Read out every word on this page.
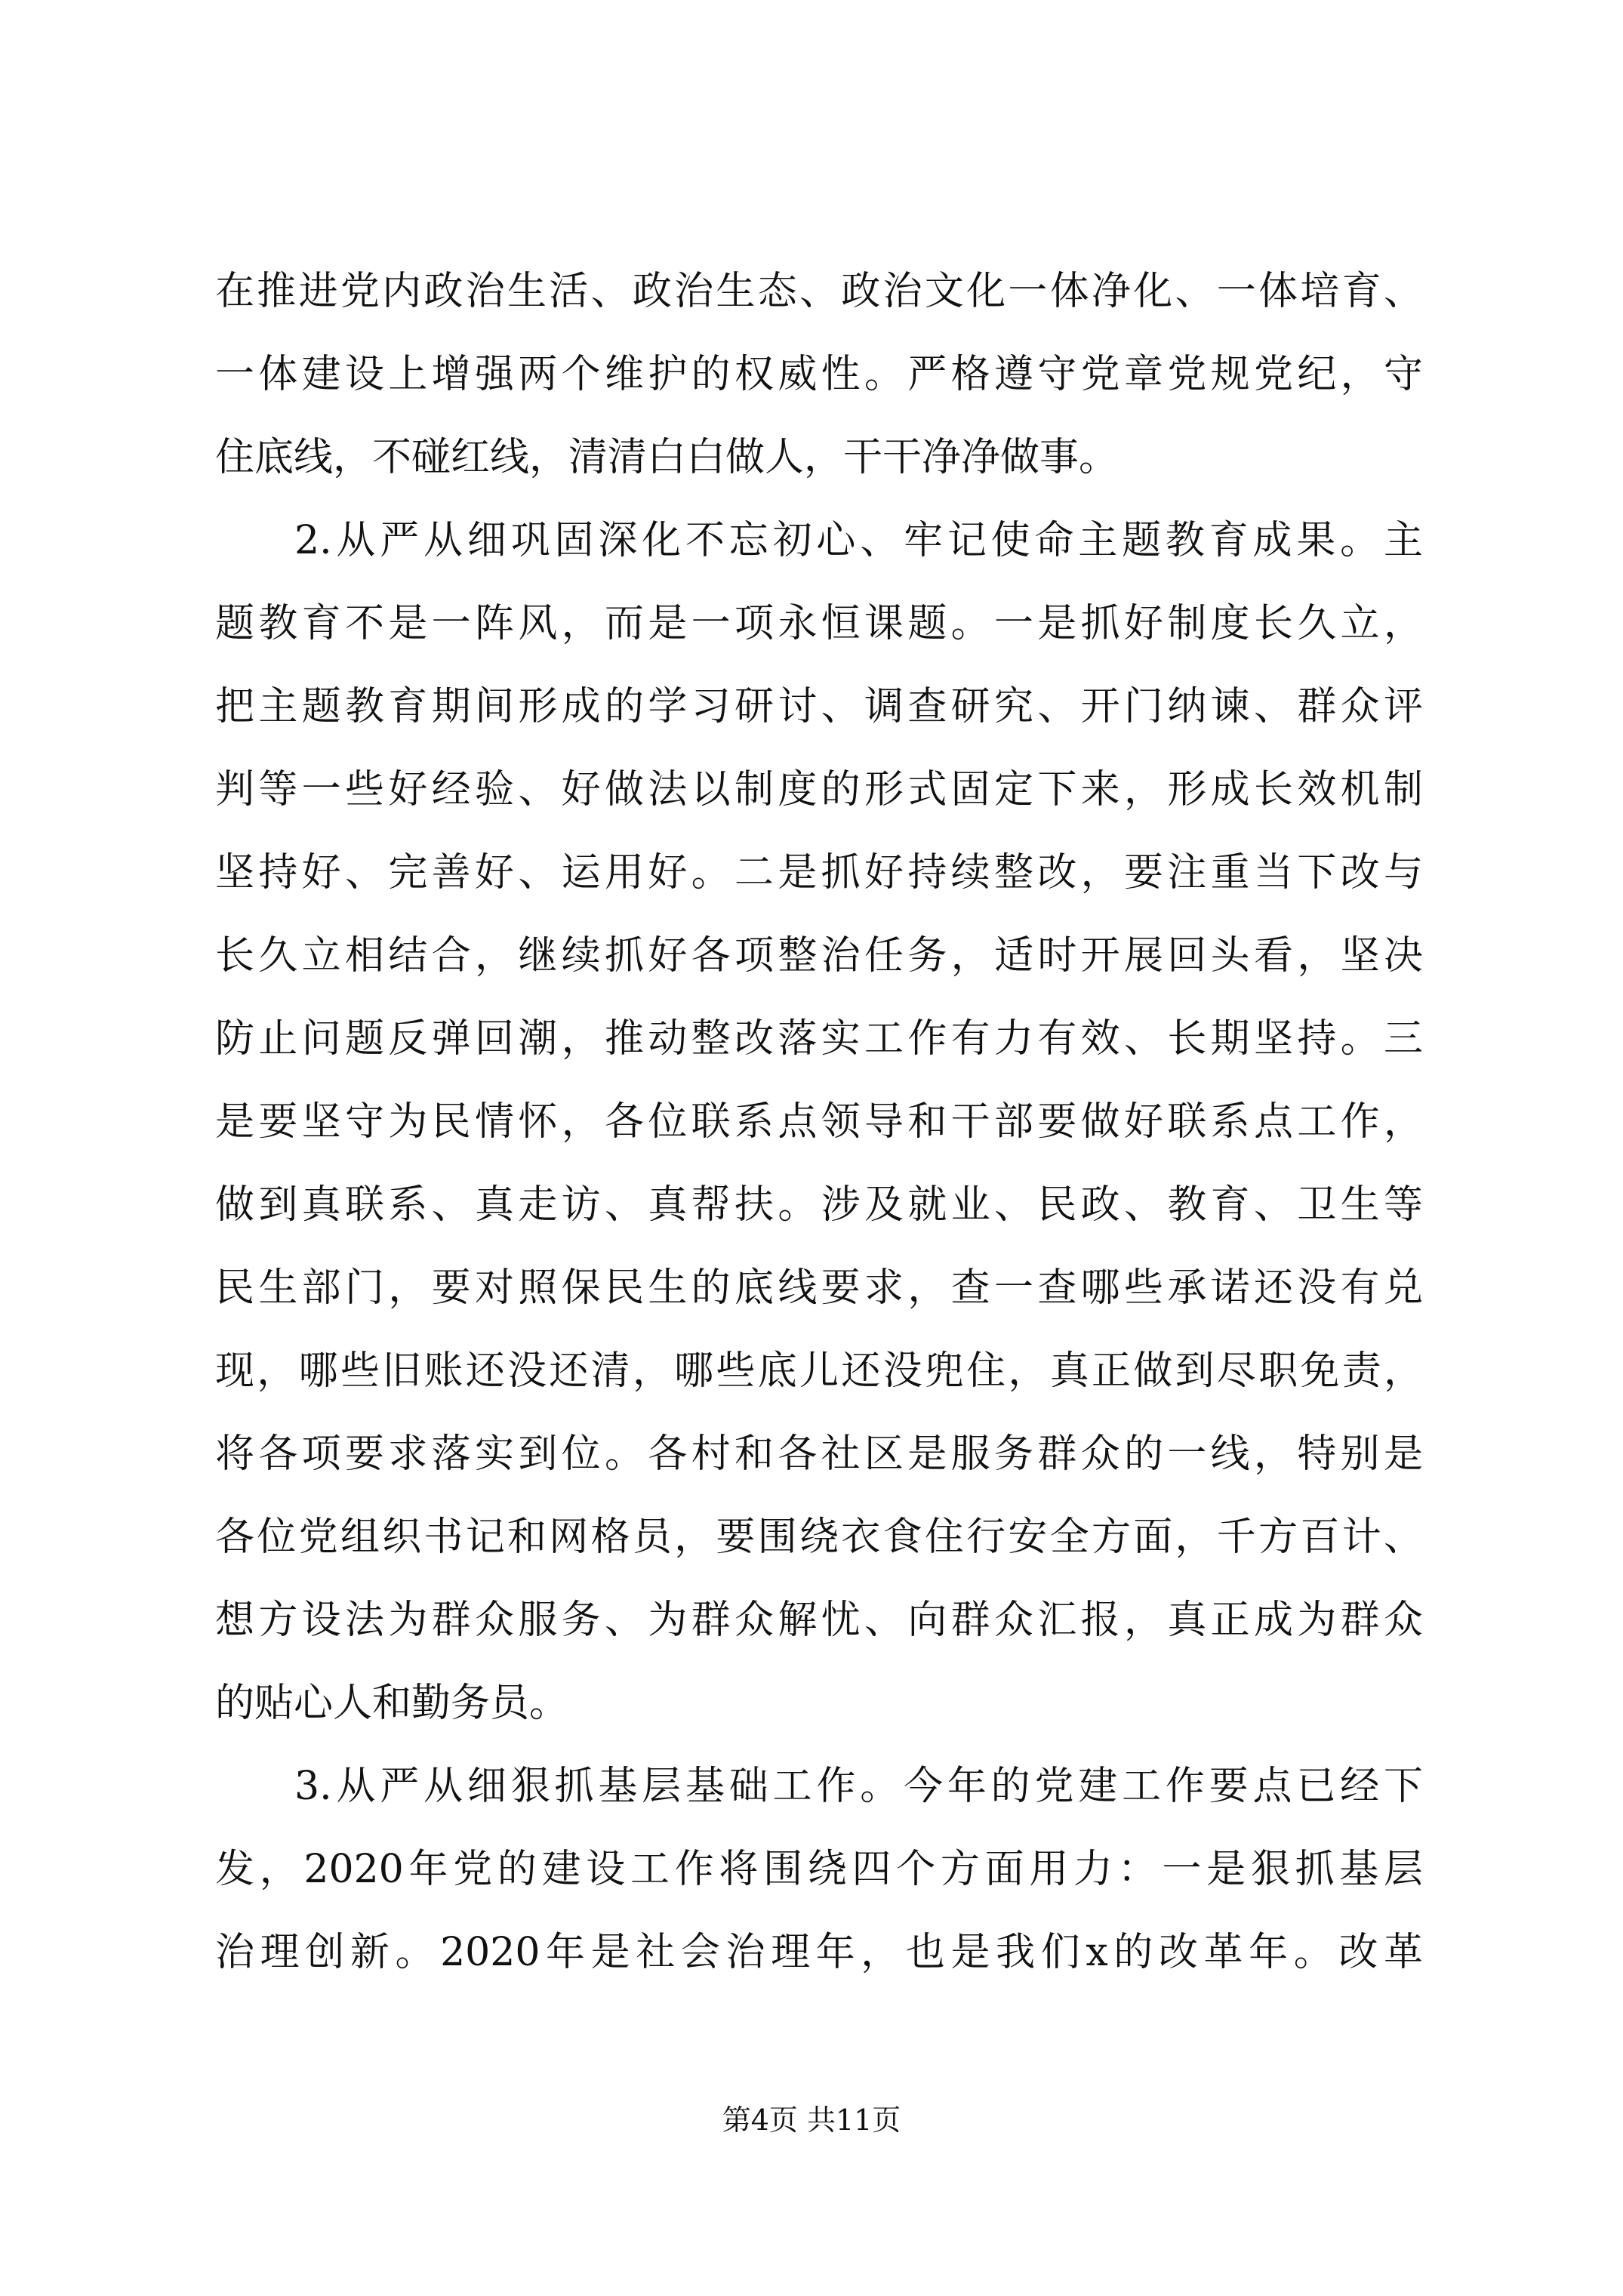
在推进党内政治生活、政治生态、政治文化一体净化、一体培育、
一体建设上增强两个维护的权威性。严格遵守党章党规党纪，守
住底线，不碰红线，清清白白做人，干干净净做事。
2.从严从细巩固深化不忘初心、牢记使命主题教育成果。主
题教育不是一阵风，而是一项永恒课题。一是抓好制度长久立，
把主题教育期间形成的学习研讨、调查研究、开门纳谏、群众评
判等一些好经验、好做法以制度的形式固定下来，形成长效机制
坚持好、完善好、运用好。二是抓好持续整改，要注重当下改与
长久立相结合，继续抓好各项整治任务，适时开展回头看，坚决
防止问题反弹回潮，推动整改落实工作有力有效、长期坚持。三
是要坚守为民情怀，各位联系点领导和干部要做好联系点工作，
做到真联系、真走访、真帮扶。涉及就业、民政、教育、卫生等
民生部门，要对照保民生的底线要求，查一查哪些承诺还没有兑
现，哪些旧账还没还清，哪些底儿还没兜住，真正做到尽职免责，
将各项要求落实到位。各村和各社区是服务群众的一线，特别是
各位党组织书记和网格员，要围绕衣食住行安全方面，千方百计、
想方设法为群众服务、为群众解忧、向群众汇报，真正成为群众
的贴心人和勤务员。
3.从严从细狠抓基层基础工作。今年的党建工作要点已经下
发，2020年党的建设工作将围绕四个方面用力：一是狠抓基层
治理创新。2020年是社会治理年，也是我们x的改革年。改革
第4页 共11页
